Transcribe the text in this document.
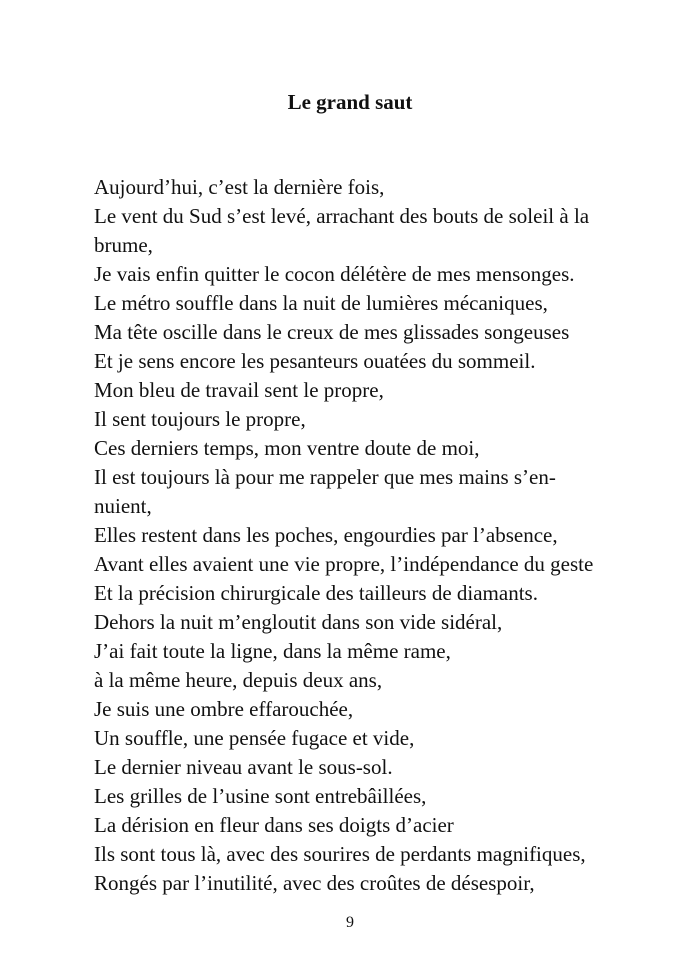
Le grand saut
Aujourd’hui, c’est la dernière fois,
Le vent du Sud s’est levé, arrachant des bouts de soleil à la
brume,
Je vais enfin quitter le cocon délétère de mes mensonges.
Le métro souffle dans la nuit de lumières mécaniques,
Ma tête oscille dans le creux de mes glissades songeuses
Et je sens encore les pesanteurs ouatées du sommeil.
Mon bleu de travail sent le propre,
Il sent toujours le propre,
Ces derniers temps, mon ventre doute de moi,
Il est toujours là pour me rappeler que mes mains s’en-
nuient,
Elles restent dans les poches, engourdies par l’absence,
Avant elles avaient une vie propre, l’indépendance du geste
Et la précision chirurgicale des tailleurs de diamants.
Dehors la nuit m’engloutit dans son vide sidéral,
J’ai fait toute la ligne, dans la même rame,
à la même heure, depuis deux ans,
Je suis une ombre effarouchée,
Un souffle, une pensée fugace et vide,
Le dernier niveau avant le sous-sol.
Les grilles de l’usine sont entrebâillées,
La dérision en fleur dans ses doigts d’acier
Ils sont tous là, avec des sourires de perdants magnifiques,
Rongés par l’inutilité, avec des croûtes de désespoir,
9
